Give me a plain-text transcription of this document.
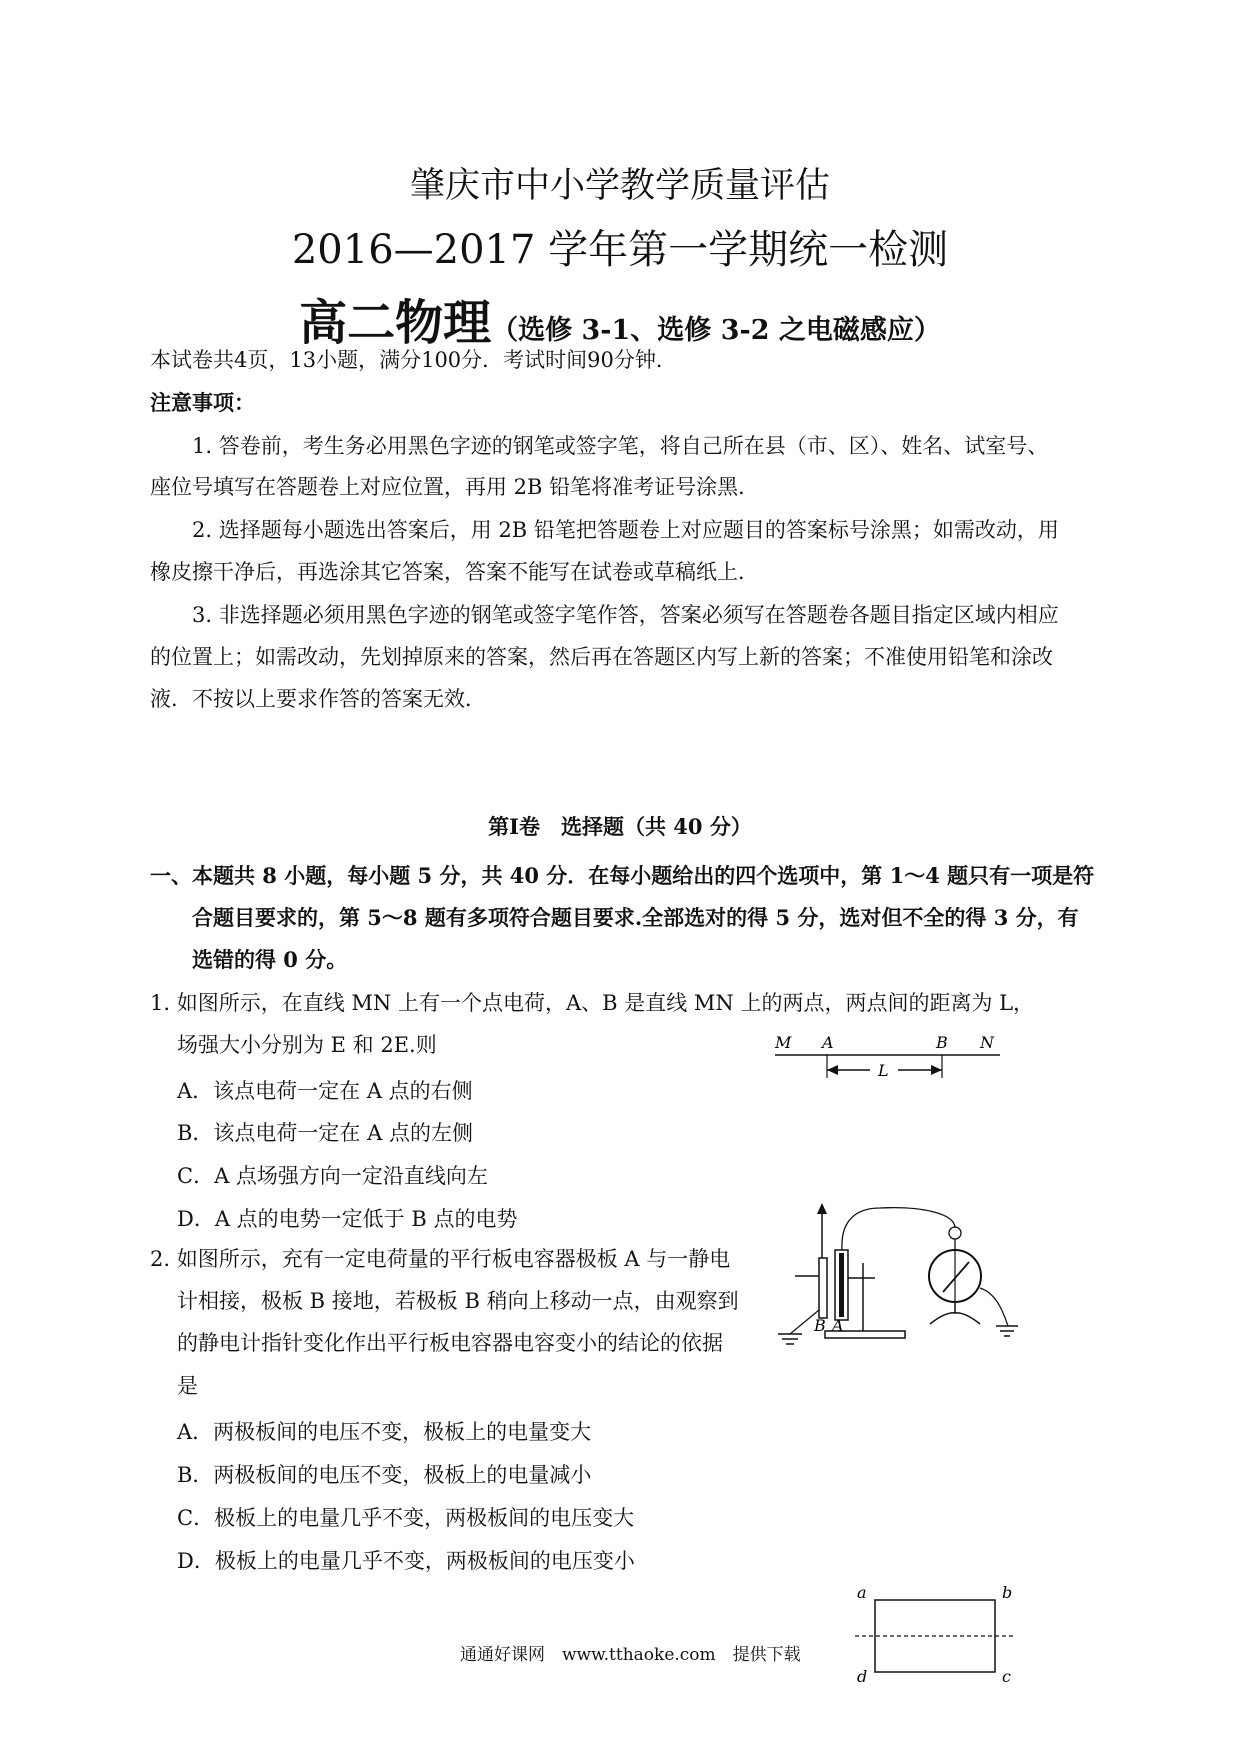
肇庆市中小学教学质量评估
2016—2017 学年第一学期统一检测
高二物理（选修 3-1、选修 3-2 之电磁感应）
本试卷共4页，13小题，满分100分．考试时间90分钟．
注意事项：
1. 答卷前，考生务必用黑色字迹的钢笔或签字笔，将自己所在县（市、区）、姓名、试室号、
座位号填写在答题卷上对应位置，再用 2B 铅笔将准考证号涂黑．
2. 选择题每小题选出答案后，用 2B 铅笔把答题卷上对应题目的答案标号涂黑；如需改动，用
橡皮擦干净后，再选涂其它答案，答案不能写在试卷或草稿纸上．
3. 非选择题必须用黑色字迹的钢笔或签字笔作答，答案必须写在答题卷各题目指定区域内相应
的位置上；如需改动，先划掉原来的答案，然后再在答题区内写上新的答案；不准使用铅笔和涂改
液．不按以上要求作答的答案无效．
第Ⅰ卷　选择题（共 40 分）
一、本题共 8 小题，每小题 5 分，共 40 分．在每小题给出的四个选项中，第 1～4 题只有一项是符
合题目要求的，第 5～8 题有多项符合题目要求.全部选对的得 5 分，选对但不全的得 3 分，有
选错的得 0 分。
1. 如图所示，在直线 MN 上有一个点电荷，A、B 是直线 MN 上的两点，两点间的距离为 L，
场强大小分别为 E 和 2E.则
A．该点电荷一定在 A 点的右侧
B．该点电荷一定在 A 点的左侧
C．A 点场强方向一定沿直线向左
D．A 点的电势一定低于 B 点的电势
M A	B N
L
2. 如图所示，充有一定电荷量的平行板电容器极板 A 与一静电
计相接，极板 B 接地，若极板 B 稍向上移动一点，由观察到
的静电计指针变化作出平行板电容器电容变小的结论的依据
是
A．两极板间的电压不变，极板上的电量变大
B．两极板间的电压不变，极板上的电量减小
C．极板上的电量几乎不变，两极板间的电压变大
D．极板上的电量几乎不变，两极板间的电压变小
B A
a	b
c
d
通通好课网　www.tthaoke.com　提供下载
